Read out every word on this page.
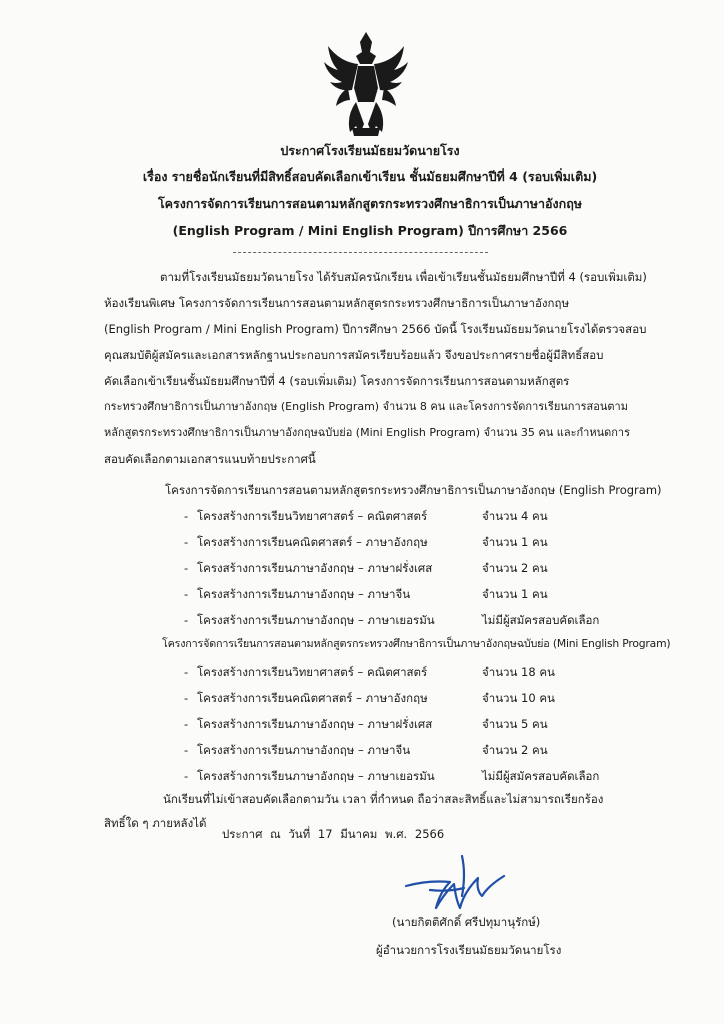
ประกาศโรงเรียนมัธยมวัดนายโรง
เรื่อง รายชื่อนักเรียนที่มีสิทธิ์สอบคัดเลือกเข้าเรียน ชั้นมัธยมศึกษาปีที่ 4 (รอบเพิ่มเติม)
โครงการจัดการเรียนการสอนตามหลักสูตรกระทรวงศึกษาธิการเป็นภาษาอังกฤษ
(English Program / Mini English Program) ปีการศึกษา 2566
ตามที่โรงเรียนมัธยมวัดนายโรง ได้รับสมัครนักเรียน เพื่อเข้าเรียนชั้นมัธยมศึกษาปีที่ 4 (รอบเพิ่มเติม)
ห้องเรียนพิเศษ โครงการจัดการเรียนการสอนตามหลักสูตรกระทรวงศึกษาธิการเป็นภาษาอังกฤษ
(English Program / Mini English Program) ปีการศึกษา 2566 บัดนี้ โรงเรียนมัธยมวัดนายโรงได้ตรวจสอบ
คุณสมบัติผู้สมัครและเอกสารหลักฐานประกอบการสมัครเรียบร้อยแล้ว จึงขอประกาศรายชื่อผู้มีสิทธิ์สอบ
คัดเลือกเข้าเรียนชั้นมัธยมศึกษาปีที่ 4 (รอบเพิ่มเติม) โครงการจัดการเรียนการสอนตามหลักสูตร
กระทรวงศึกษาธิการเป็นภาษาอังกฤษ (English Program) จำนวน 8 คน และโครงการจัดการเรียนการสอนตาม
หลักสูตรกระทรวงศึกษาธิการเป็นภาษาอังกฤษฉบับย่อ (Mini English Program) จำนวน 35 คน และกำหนดการ
สอบคัดเลือกตามเอกสารแนบท้ายประกาศนี้
โครงการจัดการเรียนการสอนตามหลักสูตรกระทรวงศึกษาธิการเป็นภาษาอังกฤษ (English Program)
- โครงสร้างการเรียนวิทยาศาสตร์ – คณิตศาสตร์	จำนวน 4 คน
- โครงสร้างการเรียนคณิตศาสตร์ – ภาษาอังกฤษ	จำนวน 1 คน
- โครงสร้างการเรียนภาษาอังกฤษ – ภาษาฝรั่งเศส	จำนวน 2 คน
- โครงสร้างการเรียนภาษาอังกฤษ – ภาษาจีน	จำนวน 1 คน
- โครงสร้างการเรียนภาษาอังกฤษ – ภาษาเยอรมัน	ไม่มีผู้สมัครสอบคัดเลือก
โครงการจัดการเรียนการสอนตามหลักสูตรกระทรวงศึกษาธิการเป็นภาษาอังกฤษฉบับย่อ (Mini English Program)
- โครงสร้างการเรียนวิทยาศาสตร์ – คณิตศาสตร์	จำนวน 18 คน
- โครงสร้างการเรียนคณิตศาสตร์ – ภาษาอังกฤษ	จำนวน 10 คน
- โครงสร้างการเรียนภาษาอังกฤษ – ภาษาฝรั่งเศส	จำนวน 5 คน
- โครงสร้างการเรียนภาษาอังกฤษ – ภาษาจีน	จำนวน 2 คน
- โครงสร้างการเรียนภาษาอังกฤษ – ภาษาเยอรมัน	ไม่มีผู้สมัครสอบคัดเลือก
นักเรียนที่ไม่เข้าสอบคัดเลือกตามวัน เวลา ที่กำหนด ถือว่าสละสิทธิ์และไม่สามารถเรียกร้อง
สิทธิ์ใด ๆ ภายหลังได้
ประกาศ ณ วันที่ 17 มีนาคม พ.ศ. 2566
(นายกิตติศักดิ์ ศรีปทุมานุรักษ์)
ผู้อำนวยการโรงเรียนมัธยมวัดนายโรง
